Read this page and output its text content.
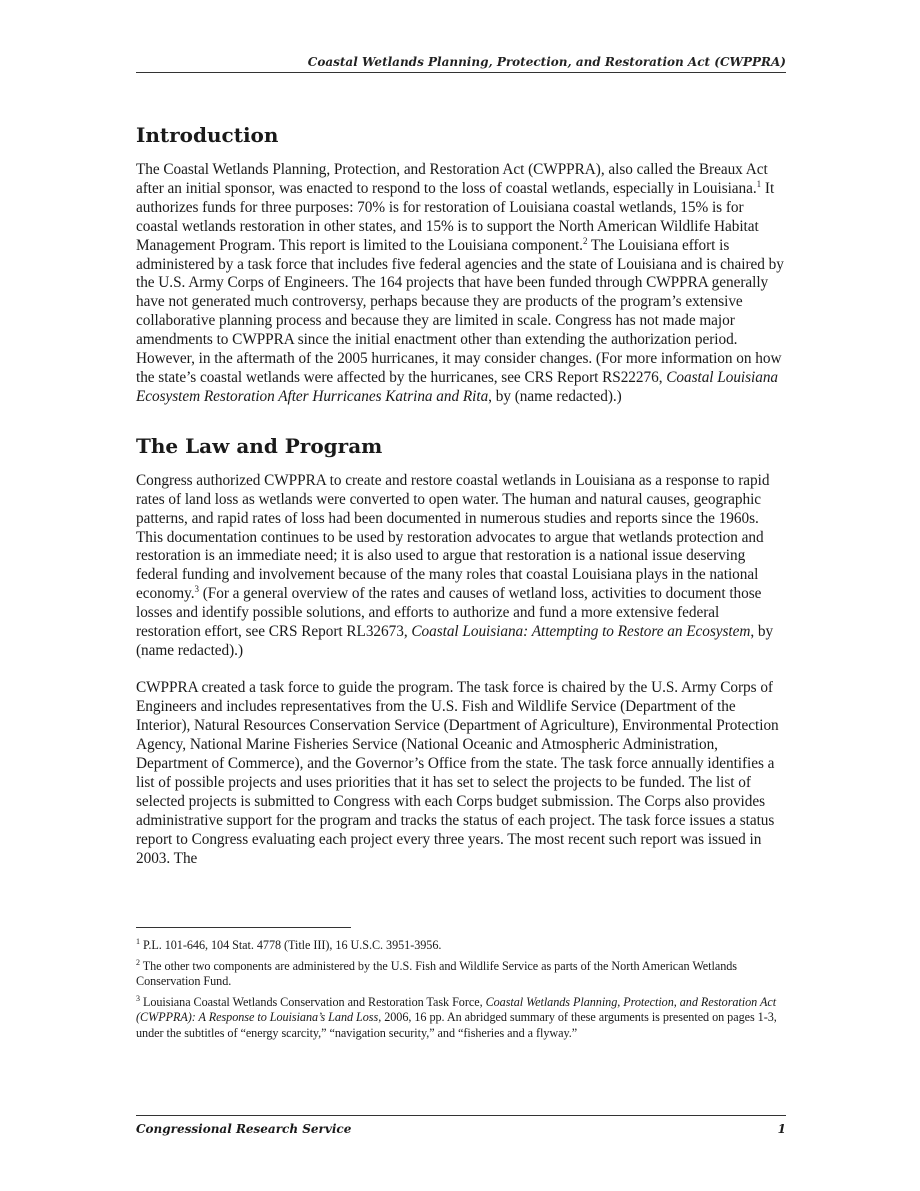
Coastal Wetlands Planning, Protection, and Restoration Act (CWPPRA)
Introduction

The Coastal Wetlands Planning, Protection, and Restoration Act (CWPPRA), also called the Breaux Act after an initial sponsor, was enacted to respond to the loss of coastal wetlands, especially in Louisiana.$^1$ It authorizes funds for three purposes: 70% is for restoration of Louisiana coastal wetlands, 15% is for coastal wetlands restoration in other states, and 15% is to support the North American Wildlife Habitat Management Program. This report is limited to the Louisiana component.$^2$ The Louisiana effort is administered by a task force that includes five federal agencies and the state of Louisiana and is chaired by the U.S. Army Corps of Engineers. The 164 projects that have been funded through CWPPRA generally have not generated much controversy, perhaps because they are products of the program’s extensive collaborative planning process and because they are limited in scale. Congress has not made major amendments to CWPPRA since the initial enactment other than extending the authorization period. However, in the aftermath of the 2005 hurricanes, it may consider changes. (For more information on how the state’s coastal wetlands were affected by the hurricanes, see CRS Report RS22276, Coastal Louisiana Ecosystem Restoration After Hurricanes Katrina and Rita, by (name redacted).)

The Law and Program

Congress authorized CWPPRA to create and restore coastal wetlands in Louisiana as a response to rapid rates of land loss as wetlands were converted to open water. The human and natural causes, geographic patterns, and rapid rates of loss had been documented in numerous studies and reports since the 1960s. This documentation continues to be used by restoration advocates to argue that wetlands protection and restoration is an immediate need; it is also used to argue that restoration is a national issue deserving federal funding and involvement because of the many roles that coastal Louisiana plays in the national economy.$^3$ (For a general overview of the rates and causes of wetland loss, activities to document those losses and identify possible solutions, and efforts to authorize and fund a more extensive federal restoration effort, see CRS Report RL32673, Coastal Louisiana: Attempting to Restore an Ecosystem, by (name redacted).)

CWPPRA created a task force to guide the program. The task force is chaired by the U.S. Army Corps of Engineers and includes representatives from the U.S. Fish and Wildlife Service (Department of the Interior), Natural Resources Conservation Service (Department of Agriculture), Environmental Protection Agency, National Marine Fisheries Service (National Oceanic and Atmospheric Administration, Department of Commerce), and the Governor’s Office from the state. The task force annually identifies a list of possible projects and uses priorities that it has set to select the projects to be funded. The list of selected projects is submitted to Congress with each Corps budget submission. The Corps also provides administrative support for the program and tracks the status of each project. The task force issues a status report to Congress evaluating each project every three years. The most recent such report was issued in 2003. The

$^1$ P.L. 101-646, 104 Stat. 4778 (Title III), 16 U.S.C. 3951-3956.

$^2$ The other two components are administered by the U.S. Fish and Wildlife Service as parts of the North American Wetlands Conservation Fund.

$^3$ Louisiana Coastal Wetlands Conservation and Restoration Task Force, Coastal Wetlands Planning, Protection, and Restoration Act (CWPPRA): A Response to Louisiana’s Land Loss, 2006, 16 pp. An abridged summary of these arguments is presented on pages 1-3, under the subtitles of “energy scarcity,” “navigation security,” and “fisheries and a flyway.”

Congressional Research Service	1
